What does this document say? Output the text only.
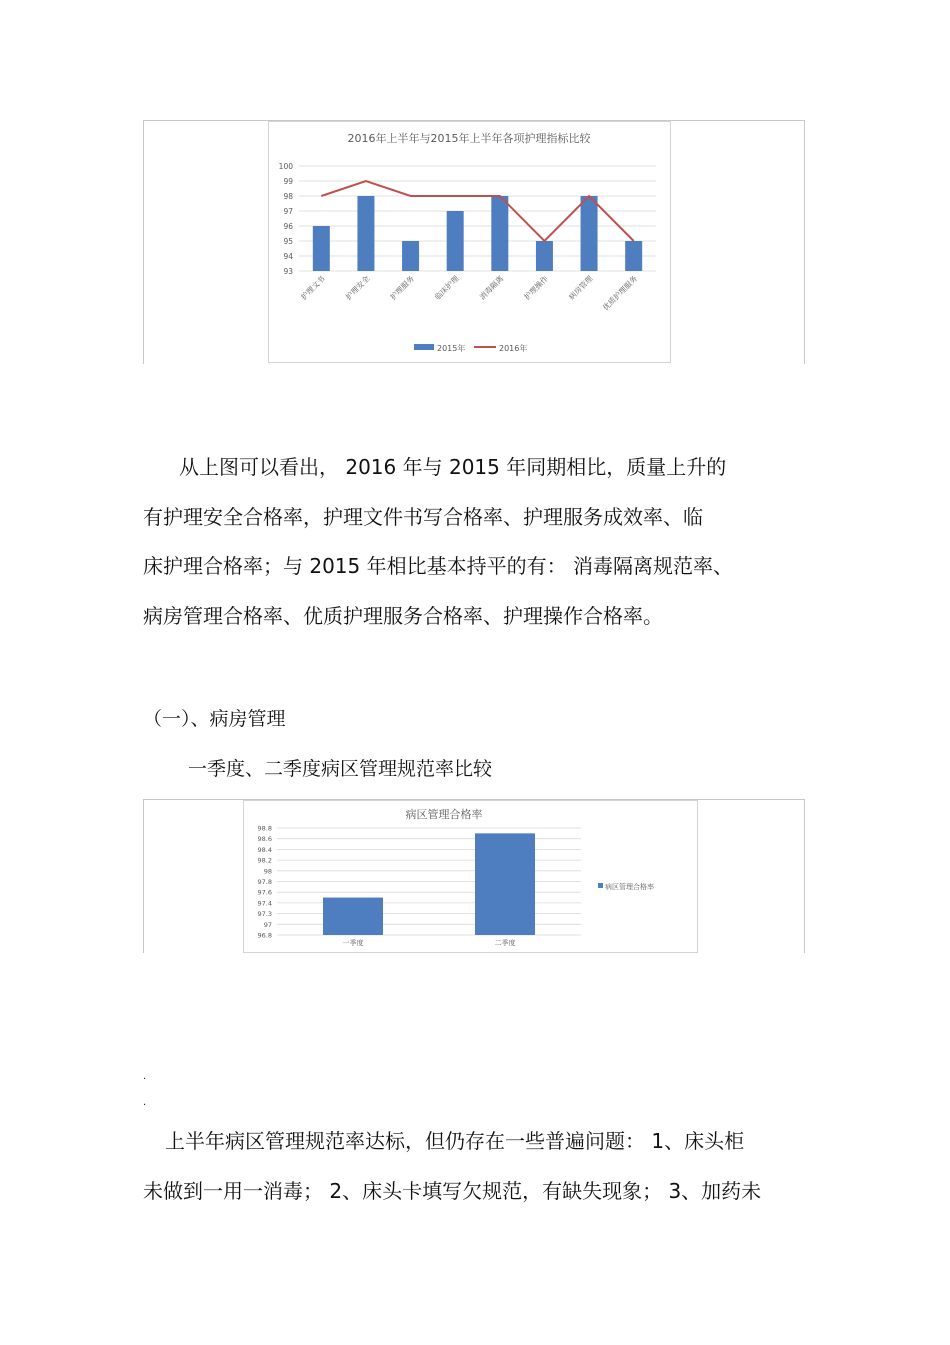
2016年上半年与2015年上半年各项护理指标比较
100
99
98
97
96
95
94
93
护理文书 护理安全 护理服务 临床护理 消毒隔离 护理操作 病房管理 优质护理服务
2015年	2016年
从上图可以看出， 2016 年与 2015 年同期相比，质量上升的
有护理安全合格率，护理文件书写合格率、护理服务成效率、临
床护理合格率；与 2015 年相比基本持平的有： 消毒隔离规范率、
病房管理合格率、优质护理服务合格率、护理操作合格率。
（一）、病房管理
一季度、二季度病区管理规范率比较
病区管理合格率
98.8
98.6
98.4
98.2
98
97.8
97.6
97.4
97.3
97
96.8
一季度	二季度
病区管理合格率
.
.
上半年病区管理规范率达标，但仍存在一些普遍问题： 1、床头柜
未做到一用一消毒； 2、床头卡填写欠规范，有缺失现象； 3、加药未
